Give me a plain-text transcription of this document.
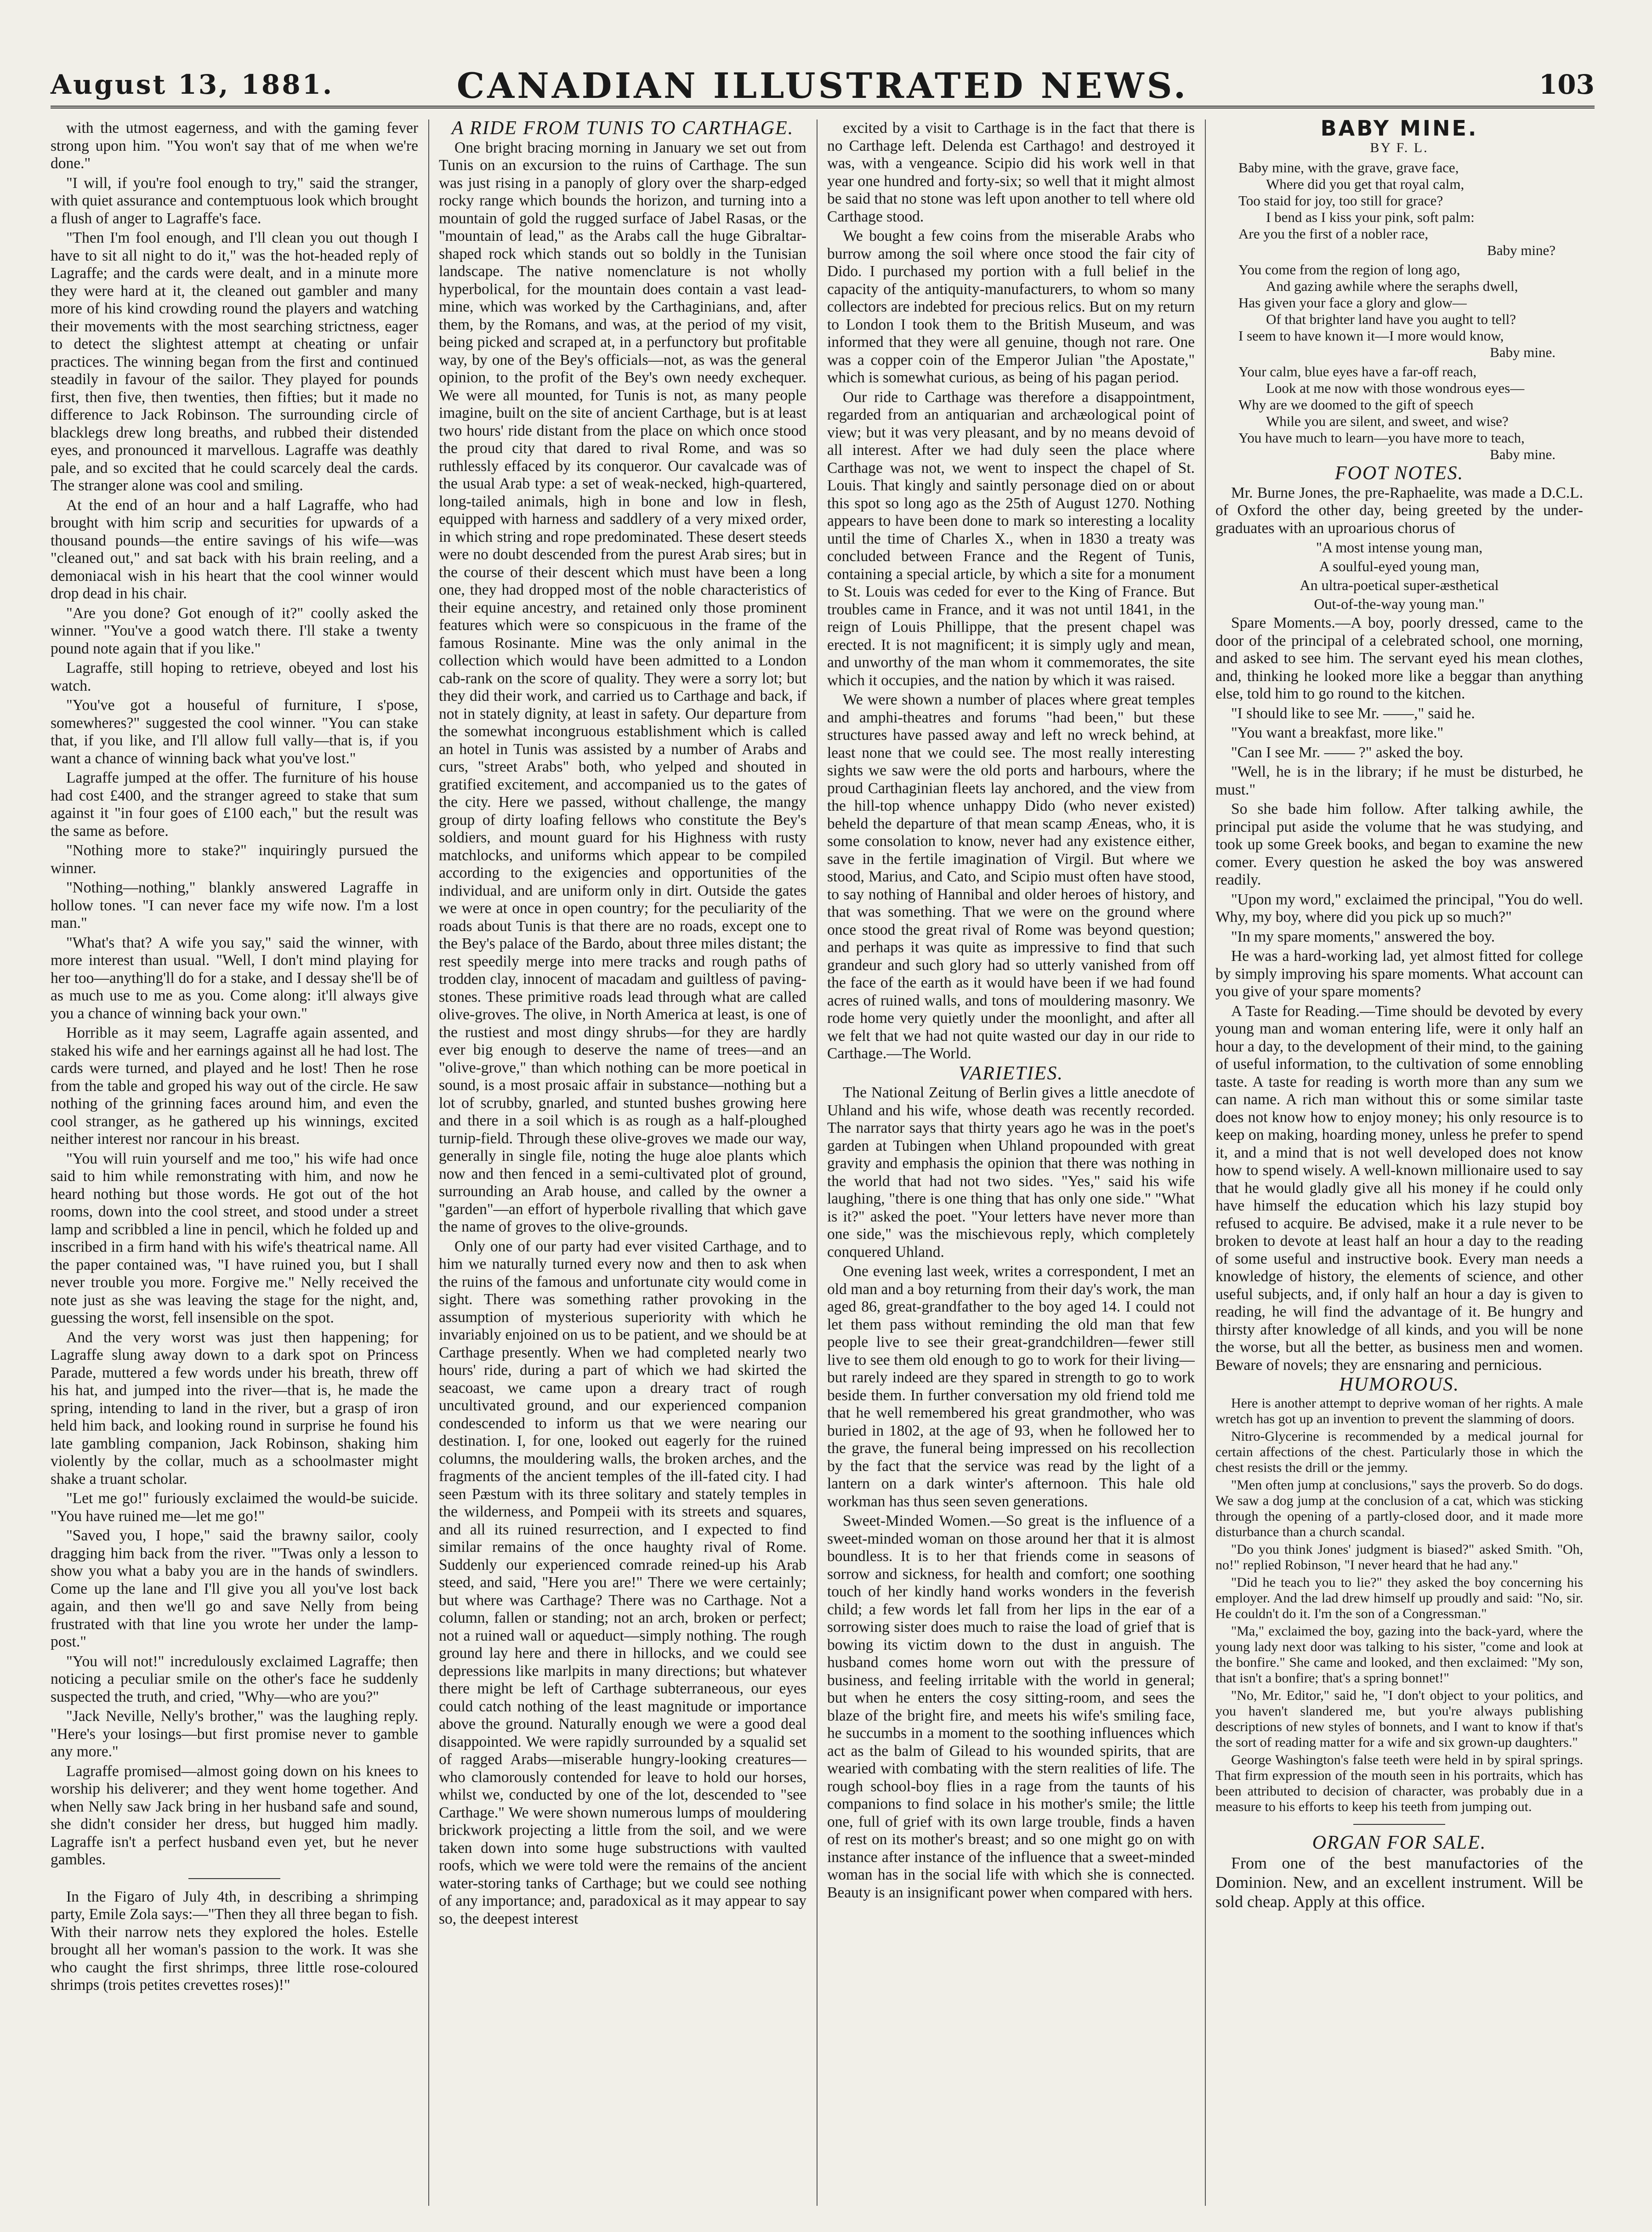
August 13, 1881.	CANADIAN ILLUSTRATED NEWS.	103

with the utmost eagerness, and with the gaming fever strong upon him. "You won't say that of me when we're done."

"I will, if you're fool enough to try," said the stranger, with quiet assurance and contemptuous look which brought a flush of anger to Lagraffe's face.

"Then I'm fool enough, and I'll clean you out though I have to sit all night to do it," was the hot-headed reply of Lagraffe; and the cards were dealt, and in a minute more they were hard at it, the cleaned out gambler and many more of his kind crowding round the players and watching their movements with the most searching strictness, eager to detect the slightest attempt at cheating or unfair practices. The winning began from the first and continued steadily in favour of the sailor. They played for pounds first, then five, then twenties, then fifties; but it made no difference to Jack Robinson. The surrounding circle of blacklegs drew long breaths, and rubbed their distended eyes, and pronounced it marvellous. Lagraffe was deathly pale, and so excited that he could scarcely deal the cards. The stranger alone was cool and smiling.

At the end of an hour and a half Lagraffe, who had brought with him scrip and securities for upwards of a thousand pounds—the entire savings of his wife—was "cleaned out," and sat back with his brain reeling, and a demoniacal wish in his heart that the cool winner would drop dead in his chair.

"Are you done? Got enough of it?" coolly asked the winner. "You've a good watch there. I'll stake a twenty pound note again that if you like."

Lagraffe, still hoping to retrieve, obeyed and lost his watch.

"You've got a houseful of furniture, I s'pose, somewheres?" suggested the cool winner. "You can stake that, if you like, and I'll allow full vally—that is, if you want a chance of winning back what you've lost."

Lagraffe jumped at the offer. The furniture of his house had cost £400, and the stranger agreed to stake that sum against it "in four goes of £100 each," but the result was the same as before.

"Nothing more to stake?" inquiringly pursued the winner.

"Nothing—nothing," blankly answered Lagraffe in hollow tones. "I can never face my wife now. I'm a lost man."

"What's that? A wife you say," said the winner, with more interest than usual. "Well, I don't mind playing for her too—anything'll do for a stake, and I dessay she'll be of as much use to me as you. Come along: it'll always give you a chance of winning back your own."

Horrible as it may seem, Lagraffe again assented, and staked his wife and her earnings against all he had lost. The cards were turned, and played and he lost! Then he rose from the table and groped his way out of the circle. He saw nothing of the grinning faces around him, and even the cool stranger, as he gathered up his winnings, excited neither interest nor rancour in his breast.

"You will ruin yourself and me too," his wife had once said to him while remonstrating with him, and now he heard nothing but those words. He got out of the hot rooms, down into the cool street, and stood under a street lamp and scribbled a line in pencil, which he folded up and inscribed in a firm hand with his wife's theatrical name. All the paper contained was, "I have ruined you, but I shall never trouble you more. Forgive me." Nelly received the note just as she was leaving the stage for the night, and, guessing the worst, fell insensible on the spot.

And the very worst was just then happening; for Lagraffe slung away down to a dark spot on Princess Parade, muttered a few words under his breath, threw off his hat, and jumped into the river—that is, he made the spring, intending to land in the river, but a grasp of iron held him back, and looking round in surprise he found his late gambling companion, Jack Robinson, shaking him violently by the collar, much as a schoolmaster might shake a truant scholar.

"Let me go!" furiously exclaimed the would-be suicide. "You have ruined me—let me go!"

"Saved you, I hope," said the brawny sailor, cooly dragging him back from the river. "'Twas only a lesson to show you what a baby you are in the hands of swindlers. Come up the lane and I'll give you all you've lost back again, and then we'll go and save Nelly from being frustrated with that line you wrote her under the lamp-post."

"You will not!" incredulously exclaimed Lagraffe; then noticing a peculiar smile on the other's face he suddenly suspected the truth, and cried, "Why—who are you?"

"Jack Neville, Nelly's brother," was the laughing reply. "Here's your losings—but first promise never to gamble any more."

Lagraffe promised—almost going down on his knees to worship his deliverer; and they went home together. And when Nelly saw Jack bring in her husband safe and sound, she didn't consider her dress, but hugged him madly. Lagraffe isn't a perfect husband even yet, but he never gambles.

In the Figaro of July 4th, in describing a shrimping party, Emile Zola says:—"Then they all three began to fish. With their narrow nets they explored the holes. Estelle brought all her woman's passion to the work. It was she who caught the first shrimps, three little rose-coloured shrimps (trois petites crevettes roses)!"

A RIDE FROM TUNIS TO CARTHAGE.

One bright bracing morning in January we set out from Tunis on an excursion to the ruins of Carthage. The sun was just rising in a panoply of glory over the sharp-edged rocky range which bounds the horizon, and turning into a mountain of gold the rugged surface of Jabel Rasas, or the "mountain of lead," as the Arabs call the huge Gibraltar-shaped rock which stands out so boldly in the Tunisian landscape. The native nomenclature is not wholly hyperbolical, for the mountain does contain a vast lead-mine, which was worked by the Carthaginians, and, after them, by the Romans, and was, at the period of my visit, being picked and scraped at, in a perfunctory but profitable way, by one of the Bey's officials—not, as was the general opinion, to the profit of the Bey's own needy exchequer. We were all mounted, for Tunis is not, as many people imagine, built on the site of ancient Carthage, but is at least two hours' ride distant from the place on which once stood the proud city that dared to rival Rome, and was so ruthlessly effaced by its conqueror. Our cavalcade was of the usual Arab type: a set of weak-necked, high-quartered, long-tailed animals, high in bone and low in flesh, equipped with harness and saddlery of a very mixed order, in which string and rope predominated. These desert steeds were no doubt descended from the purest Arab sires; but in the course of their descent which must have been a long one, they had dropped most of the noble characteristics of their equine ancestry, and retained only those prominent features which were so conspicuous in the frame of the famous Rosinante. Mine was the only animal in the collection which would have been admitted to a London cab-rank on the score of quality. They were a sorry lot; but they did their work, and carried us to Carthage and back, if not in stately dignity, at least in safety. Our departure from the somewhat incongruous establishment which is called an hotel in Tunis was assisted by a number of Arabs and curs, "street Arabs" both, who yelped and shouted in gratified excitement, and accompanied us to the gates of the city. Here we passed, without challenge, the mangy group of dirty loafing fellows who constitute the Bey's soldiers, and mount guard for his Highness with rusty matchlocks, and uniforms which appear to be compiled according to the exigencies and opportunities of the individual, and are uniform only in dirt. Outside the gates we were at once in open country; for the peculiarity of the roads about Tunis is that there are no roads, except one to the Bey's palace of the Bardo, about three miles distant; the rest speedily merge into mere tracks and rough paths of trodden clay, innocent of macadam and guiltless of paving-stones. These primitive roads lead through what are called olive-groves. The olive, in North America at least, is one of the rustiest and most dingy shrubs—for they are hardly ever big enough to deserve the name of trees—and an "olive-grove," than which nothing can be more poetical in sound, is a most prosaic affair in substance—nothing but a lot of scrubby, gnarled, and stunted bushes growing here and there in a soil which is as rough as a half-ploughed turnip-field. Through these olive-groves we made our way, generally in single file, noting the huge aloe plants which now and then fenced in a semi-cultivated plot of ground, surrounding an Arab house, and called by the owner a "garden"—an effort of hyperbole rivalling that which gave the name of groves to the olive-grounds.

Only one of our party had ever visited Carthage, and to him we naturally turned every now and then to ask when the ruins of the famous and unfortunate city would come in sight. There was something rather provoking in the assumption of mysterious superiority with which he invariably enjoined on us to be patient, and we should be at Carthage presently. When we had completed nearly two hours' ride, during a part of which we had skirted the seacoast, we came upon a dreary tract of rough uncultivated ground, and our experienced companion condescended to inform us that we were nearing our destination. I, for one, looked out eagerly for the ruined columns, the mouldering walls, the broken arches, and the fragments of the ancient temples of the ill-fated city. I had seen Pæstum with its three solitary and stately temples in the wilderness, and Pompeii with its streets and squares, and all its ruined resurrection, and I expected to find similar remains of the once haughty rival of Rome. Suddenly our experienced comrade reined-up his Arab steed, and said, "Here you are!" There we were certainly; but where was Carthage? There was no Carthage. Not a column, fallen or standing; not an arch, broken or perfect; not a ruined wall or aqueduct—simply nothing. The rough ground lay here and there in hillocks, and we could see depressions like marlpits in many directions; but whatever there might be left of Carthage subterraneous, our eyes could catch nothing of the least magnitude or importance above the ground. Naturally enough we were a good deal disappointed. We were rapidly surrounded by a squalid set of ragged Arabs—miserable hungry-looking creatures—who clamorously contended for leave to hold our horses, whilst we, conducted by one of the lot, descended to "see Carthage." We were shown numerous lumps of mouldering brickwork projecting a little from the soil, and we were taken down into some huge substructions with vaulted roofs, which we were told were the remains of the ancient water-storing tanks of Carthage; but we could see nothing of any importance; and, paradoxical as it may appear to say so, the deepest interest

excited by a visit to Carthage is in the fact that there is no Carthage left. Delenda est Carthago! and destroyed it was, with a vengeance. Scipio did his work well in that year one hundred and forty-six; so well that it might almost be said that no stone was left upon another to tell where old Carthage stood.

We bought a few coins from the miserable Arabs who burrow among the soil where once stood the fair city of Dido. I purchased my portion with a full belief in the capacity of the antiquity-manufacturers, to whom so many collectors are indebted for precious relics. But on my return to London I took them to the British Museum, and was informed that they were all genuine, though not rare. One was a copper coin of the Emperor Julian "the Apostate," which is somewhat curious, as being of his pagan period.

Our ride to Carthage was therefore a disappointment, regarded from an antiquarian and archæological point of view; but it was very pleasant, and by no means devoid of all interest. After we had duly seen the place where Carthage was not, we went to inspect the chapel of St. Louis. That kingly and saintly personage died on or about this spot so long ago as the 25th of August 1270. Nothing appears to have been done to mark so interesting a locality until the time of Charles X., when in 1830 a treaty was concluded between France and the Regent of Tunis, containing a special article, by which a site for a monument to St. Louis was ceded for ever to the King of France. But troubles came in France, and it was not until 1841, in the reign of Louis Phillippe, that the present chapel was erected. It is not magnificent; it is simply ugly and mean, and unworthy of the man whom it commemorates, the site which it occupies, and the nation by which it was raised.

We were shown a number of places where great temples and amphi-theatres and forums "had been," but these structures have passed away and left no wreck behind, at least none that we could see. The most really interesting sights we saw were the old ports and harbours, where the proud Carthaginian fleets lay anchored, and the view from the hill-top whence unhappy Dido (who never existed) beheld the departure of that mean scamp Æneas, who, it is some consolation to know, never had any existence either, save in the fertile imagination of Virgil. But where we stood, Marius, and Cato, and Scipio must often have stood, to say nothing of Hannibal and older heroes of history, and that was something. That we were on the ground where once stood the great rival of Rome was beyond question; and perhaps it was quite as impressive to find that such grandeur and such glory had so utterly vanished from off the face of the earth as it would have been if we had found acres of ruined walls, and tons of mouldering masonry. We rode home very quietly under the moonlight, and after all we felt that we had not quite wasted our day in our ride to Carthage.—The World.

VARIETIES.

The National Zeitung of Berlin gives a little anecdote of Uhland and his wife, whose death was recently recorded. The narrator says that thirty years ago he was in the poet's garden at Tubingen when Uhland propounded with great gravity and emphasis the opinion that there was nothing in the world that had not two sides. "Yes," said his wife laughing, "there is one thing that has only one side." "What is it?" asked the poet. "Your letters have never more than one side," was the mischievous reply, which completely conquered Uhland.

One evening last week, writes a correspondent, I met an old man and a boy returning from their day's work, the man aged 86, great-grandfather to the boy aged 14. I could not let them pass without reminding the old man that few people live to see their great-grandchildren—fewer still live to see them old enough to go to work for their living—but rarely indeed are they spared in strength to go to work beside them. In further conversation my old friend told me that he well remembered his great grandmother, who was buried in 1802, at the age of 93, when he followed her to the grave, the funeral being impressed on his recollection by the fact that the service was read by the light of a lantern on a dark winter's afternoon. This hale old workman has thus seen seven generations.

Sweet-Minded Women.—So great is the influence of a sweet-minded woman on those around her that it is almost boundless. It is to her that friends come in seasons of sorrow and sickness, for health and comfort; one soothing touch of her kindly hand works wonders in the feverish child; a few words let fall from her lips in the ear of a sorrowing sister does much to raise the load of grief that is bowing its victim down to the dust in anguish. The husband comes home worn out with the pressure of business, and feeling irritable with the world in general; but when he enters the cosy sitting-room, and sees the blaze of the bright fire, and meets his wife's smiling face, he succumbs in a moment to the soothing influences which act as the balm of Gilead to his wounded spirits, that are wearied with combating with the stern realities of life. The rough school-boy flies in a rage from the taunts of his companions to find solace in his mother's smile; the little one, full of grief with its own large trouble, finds a haven of rest on its mother's breast; and so one might go on with instance after instance of the influence that a sweet-minded woman has in the social life with which she is connected. Beauty is an insignificant power when compared with hers.

BABY MINE.

BY F. L.

Baby mine, with the grave, grave face,
Where did you get that royal calm,
Too staid for joy, too still for grace?
I bend as I kiss your pink, soft palm:
Are you the first of a nobler race,
Baby mine?
You come from the region of long ago,
And gazing awhile where the seraphs dwell,
Has given your face a glory and glow—
Of that brighter land have you aught to tell?
I seem to have known it—I more would know,
Baby mine.
Your calm, blue eyes have a far-off reach,
Look at me now with those wondrous eyes—
Why are we doomed to the gift of speech
While you are silent, and sweet, and wise?
You have much to learn—you have more to teach,
Baby mine.

FOOT NOTES.

Mr. Burne Jones, the pre-Raphaelite, was made a D.C.L. of Oxford the other day, being greeted by the under-graduates with an uproarious chorus of

"A most intense young man,

A soulful-eyed young man,

An ultra-poetical super-æsthetical

Out-of-the-way young man."

Spare Moments.—A boy, poorly dressed, came to the door of the principal of a celebrated school, one morning, and asked to see him. The servant eyed his mean clothes, and, thinking he looked more like a beggar than anything else, told him to go round to the kitchen.

"I should like to see Mr. ——," said he.

"You want a breakfast, more like."

"Can I see Mr. —— ?" asked the boy.

"Well, he is in the library; if he must be disturbed, he must."

So she bade him follow. After talking awhile, the principal put aside the volume that he was studying, and took up some Greek books, and began to examine the new comer. Every question he asked the boy was answered readily.

"Upon my word," exclaimed the principal, "You do well. Why, my boy, where did you pick up so much?"

"In my spare moments," answered the boy.

He was a hard-working lad, yet almost fitted for college by simply improving his spare moments. What account can you give of your spare moments?

A Taste for Reading.—Time should be devoted by every young man and woman entering life, were it only half an hour a day, to the development of their mind, to the gaining of useful information, to the cultivation of some ennobling taste. A taste for reading is worth more than any sum we can name. A rich man without this or some similar taste does not know how to enjoy money; his only resource is to keep on making, hoarding money, unless he prefer to spend it, and a mind that is not well developed does not know how to spend wisely. A well-known millionaire used to say that he would gladly give all his money if he could only have himself the education which his lazy stupid boy refused to acquire. Be advised, make it a rule never to be broken to devote at least half an hour a day to the reading of some useful and instructive book. Every man needs a knowledge of history, the elements of science, and other useful subjects, and, if only half an hour a day is given to reading, he will find the advantage of it. Be hungry and thirsty after knowledge of all kinds, and you will be none the worse, but all the better, as business men and women. Beware of novels; they are ensnaring and pernicious.

HUMOROUS.

Here is another attempt to deprive woman of her rights. A male wretch has got up an invention to prevent the slamming of doors.

Nitro-Glycerine is recommended by a medical journal for certain affections of the chest. Particularly those in which the chest resists the drill or the jemmy.

"Men often jump at conclusions," says the proverb. So do dogs. We saw a dog jump at the conclusion of a cat, which was sticking through the opening of a partly-closed door, and it made more disturbance than a church scandal.

"Do you think Jones' judgment is biased?" asked Smith. "Oh, no!" replied Robinson, "I never heard that he had any."

"Did he teach you to lie?" they asked the boy concerning his employer. And the lad drew himself up proudly and said: "No, sir. He couldn't do it. I'm the son of a Congressman."

"Ma," exclaimed the boy, gazing into the back-yard, where the young lady next door was talking to his sister, "come and look at the bonfire." She came and looked, and then exclaimed: "My son, that isn't a bonfire; that's a spring bonnet!"

"No, Mr. Editor," said he, "I don't object to your politics, and you haven't slandered me, but you're always publishing descriptions of new styles of bonnets, and I want to know if that's the sort of reading matter for a wife and six grown-up daughters."

George Washington's false teeth were held in by spiral springs. That firm expression of the mouth seen in his portraits, which has been attributed to decision of character, was probably due in a measure to his efforts to keep his teeth from jumping out.

ORGAN FOR SALE.

From one of the best manufactories of the Dominion. New, and an excellent instrument. Will be sold cheap. Apply at this office.
